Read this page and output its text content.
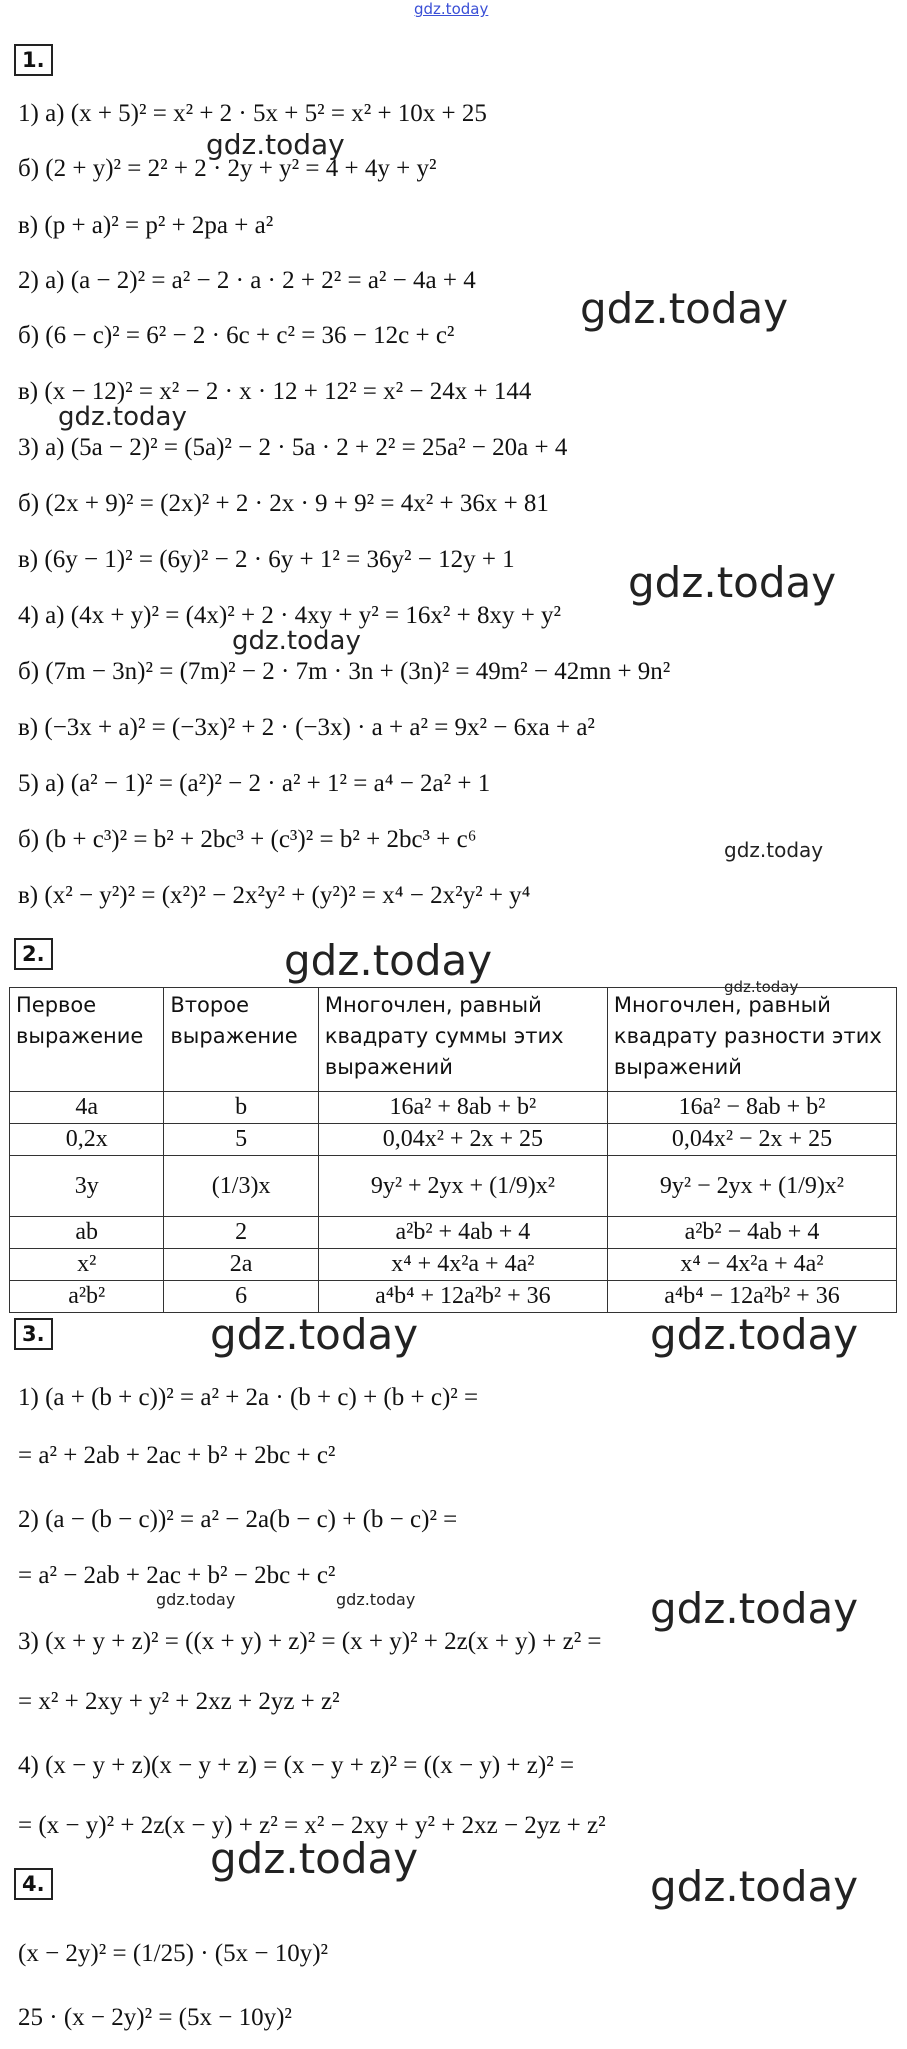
gdz.today
1.
1) а) (x + 5)² = x² + 2 · 5x + 5² = x² + 10x + 25
б) (2 + y)² = 2² + 2 · 2y + y² = 4 + 4y + y²
в) (p + a)² = p² + 2pa + a²
2) а) (a − 2)² = a² − 2 · a · 2 + 2² = a² − 4a + 4
б) (6 − c)² = 6² − 2 · 6c + c² = 36 − 12c + c²
в) (x − 12)² = x² − 2 · x · 12 + 12² = x² − 24x + 144
3) а) (5a − 2)² = (5a)² − 2 · 5a · 2 + 2² = 25a² − 20a + 4
б) (2x + 9)² = (2x)² + 2 · 2x · 9 + 9² = 4x² + 36x + 81
в) (6y − 1)² = (6y)² − 2 · 6y + 1² = 36y² − 12y + 1
4) а) (4x + y)² = (4x)² + 2 · 4xy + y² = 16x² + 8xy + y²
б) (7m − 3n)² = (7m)² − 2 · 7m · 3n + (3n)² = 49m² − 42mn + 9n²
в) (−3x + a)² = (−3x)² + 2 · (−3x) · a + a² = 9x² − 6xa + a²
5) а) (a² − 1)² = (a²)² − 2 · a² + 1² = a⁴ − 2a² + 1
б) (b + c³)² = b² + 2bc³ + (c³)² = b² + 2bc³ + c⁶
в) (x² − y²)² = (x²)² − 2x²y² + (y²)² = x⁴ − 2x²y² + y⁴
gdz.today
gdz.today
gdz.today
gdz.today
gdz.today
gdz.today
2.	gdz.today
gdz.today
Первое выражение	Второе выражение	Многочлен, равный квадрату суммы этих выражений	Многочлен, равный квадрату разности этих выражений
4a	b	16a² + 8ab + b²	16a² − 8ab + b²
0,2x	5	0,04x² + 2x + 25	0,04x² − 2x + 25
3y	(1/3)x	9y² + 2yx + (1/9)x²	9y² − 2yx + (1/9)x²
ab	2	a²b² + 4ab + 4	a²b² − 4ab + 4
x²	2a	x⁴ + 4x²a + 4a²	x⁴ − 4x²a + 4a²
a²b²	6	a⁴b⁴ + 12a²b² + 36	a⁴b⁴ − 12a²b² + 36
3.	gdz.today	gdz.today
1) (a + (b + c))² = a² + 2a · (b + c) + (b + c)² =
= a² + 2ab + 2ac + b² + 2bc + c²
2) (a − (b − c))² = a² − 2a(b − c) + (b − c)² =
= a² − 2ab + 2ac + b² − 2bc + c²
gdz.today	gdz.today	gdz.today
3) (x + y + z)² = ((x + y) + z)² = (x + y)² + 2z(x + y) + z² =
= x² + 2xy + y² + 2xz + 2yz + z²
4) (x − y + z)(x − y + z) = (x − y + z)² = ((x − y) + z)² =
= (x − y)² + 2z(x − y) + z² = x² − 2xy + y² + 2xz − 2yz + z²
gdz.today
4.	gdz.today
(x − 2y)² = (1/25) · (5x − 10y)²
25 · (x − 2y)² = (5x − 10y)²
